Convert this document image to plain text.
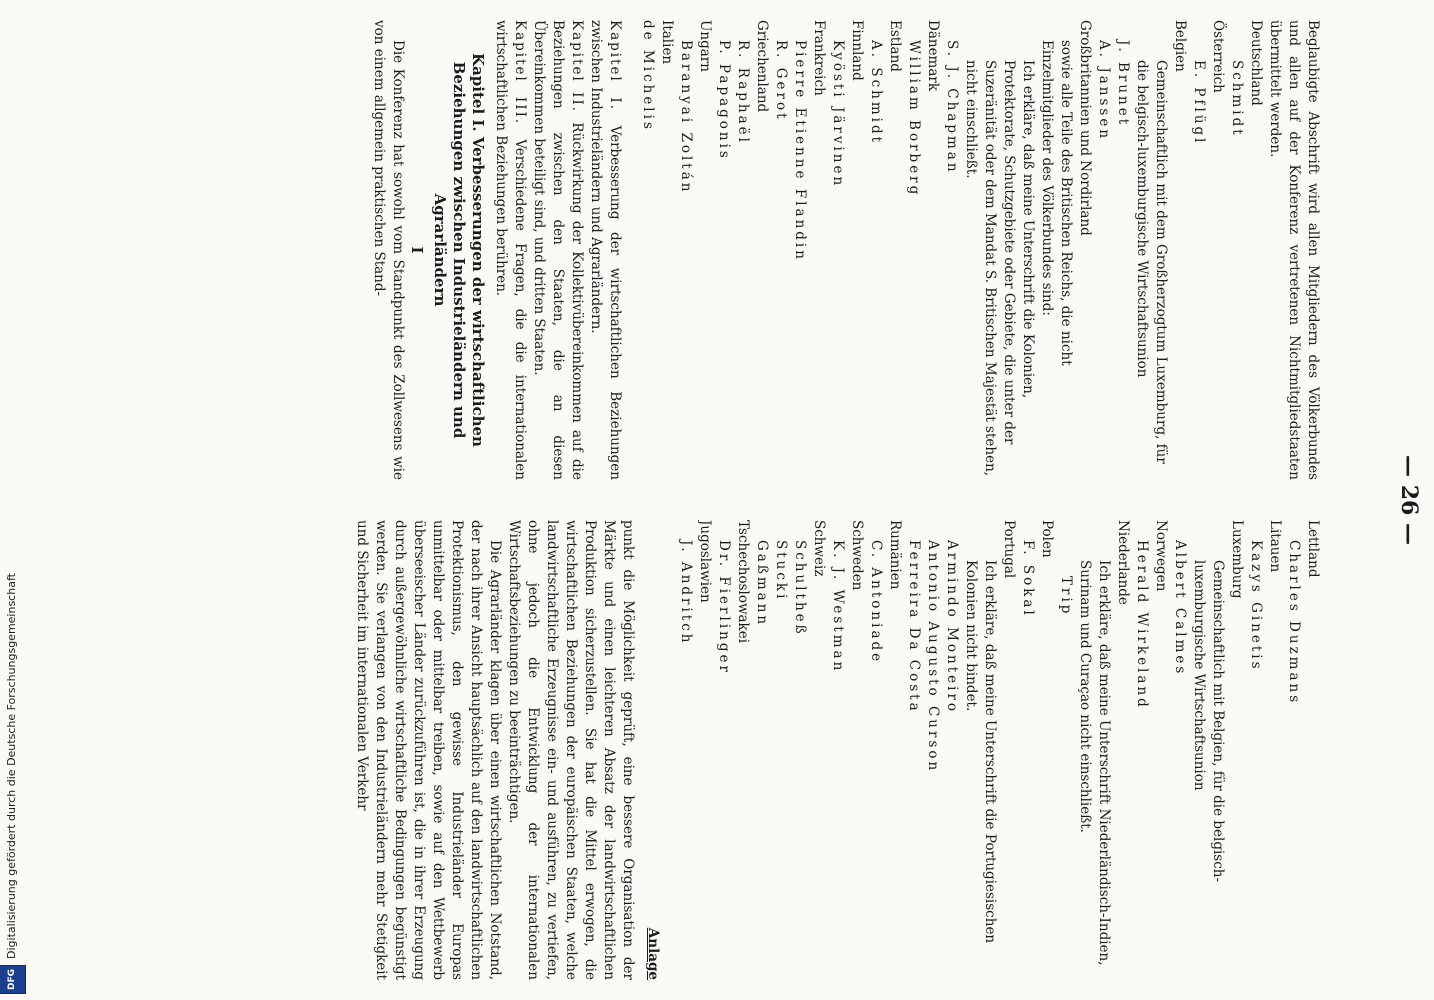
— 26 —
Beglaubigte Abschrift wird allen Mitgliedern des Völkerbundes und allen auf der Konferenz vertretenen Nichtmitgliedstaaten übermittelt werden.
Deutschland
Schmidt
Österreich
E. Pflügl
Belgien
Gemeinschaftlich mit dem Großherzogtum Luxemburg, für die belgisch-luxemburgische Wirtschaftsunion
J. Brunet
A. Janssen
Großbritannien und Nordirland
sowie alle Teile des Britischen Reichs, die nicht Einzelmitglieder des Völkerbundes sind:
Ich erkläre, daß meine Unterschrift die Kolonien, Protektorate, Schutzgebiete oder Gebiete, die unter der Suzeränität oder dem Mandat S. Britischen Majestät stehen, nicht einschließt.
S. J. Chapman
Dänemark
William Borberg
Estland
A. Schmidt
Finnland
Kyösti Järvinen
Frankreich
Pierre Etienne Flandin
R. Gerot
Griechenland
R. Raphaël
P. Papagonis
Ungarn
Baranyai Zoltán
Italien
de Michelis
Kapitel I. Verbesserung der wirtschaftlichen Beziehungen zwischen Industrieländern und Agrarländern.
Kapitel II. Rückwirkung der Kollektivübereinkommen auf die Beziehungen zwischen den Staaten, die an diesen Übereinkommen beteiligt sind, und dritten Staaten.
Kapitel III. Verschiedene Fragen, die die internationalen wirtschaftlichen Beziehungen berühren.
Kapitel I. Verbesserungen der wirtschaftlichen Beziehungen zwischen Industrieländern und Agrarländern
I
Die Konferenz hat sowohl vom Standpunkt des Zollwesens wie von einem allgemein praktischen Stand-
Lettland
Charles Duzmans
Litauen
Kazys Ginetis
Luxemburg
Gemeinschaftlich mit Belgien, für die belgisch-luxemburgische Wirtschaftsunion
Albert Calmes
Norwegen
Herald Wirkeland
Niederlande
Ich erkläre, daß meine Unterschrift Niederländisch-Indien, Surinam und Curaçao nicht einschließt.
Trip
Polen
F. Sokal
Portugal
Ich erkläre, daß meine Unterschrift die Portugiesischen Kolonien nicht bindet.
Armindo Monteiro
Antonio Augusto Curson
Ferreira Da Costa
Rumänien
C. Antoniade
Schweden
K. J. Westman
Schweiz
Schultheß
Stucki
Gaßmann
Tschechoslowakei
Dr. Fierlinger
Jugoslawien
J. Andritch
Anlage
punkt die Möglichkeit geprüft, eine bessere Organisation der Märkte und einen leichteren Absatz der landwirtschaftlichen Produktion sicherzustellen. Sie hat die Mittel erwogen, die wirtschaftlichen Beziehungen der europäischen Staaten, welche landwirtschaftliche Erzeugnisse ein- und ausführen, zu vertiefen, ohne jedoch die Entwicklung der internationalen Wirtschaftsbeziehungen zu beeinträchtigen.
Die Agrarländer klagen über einen wirtschaftlichen Notstand, der nach ihrer Ansicht hauptsächlich auf den landwirtschaftlichen Protektionismus, den gewisse Industrieländer Europas unmittelbar oder mittelbar treiben, sowie auf den Wettbewerb überseeischer Länder zurückzuführen ist, die in ihrer Erzeugung durch außergewöhnliche wirtschaftliche Bedingungen begünstigt werden. Sie verlangen von den Industrieländern mehr Stetigkeit und Sicherheit im internationalen Verkehr
DFG
Digitalisierung gefördert durch die Deutsche Forschungsgemeinschaft
